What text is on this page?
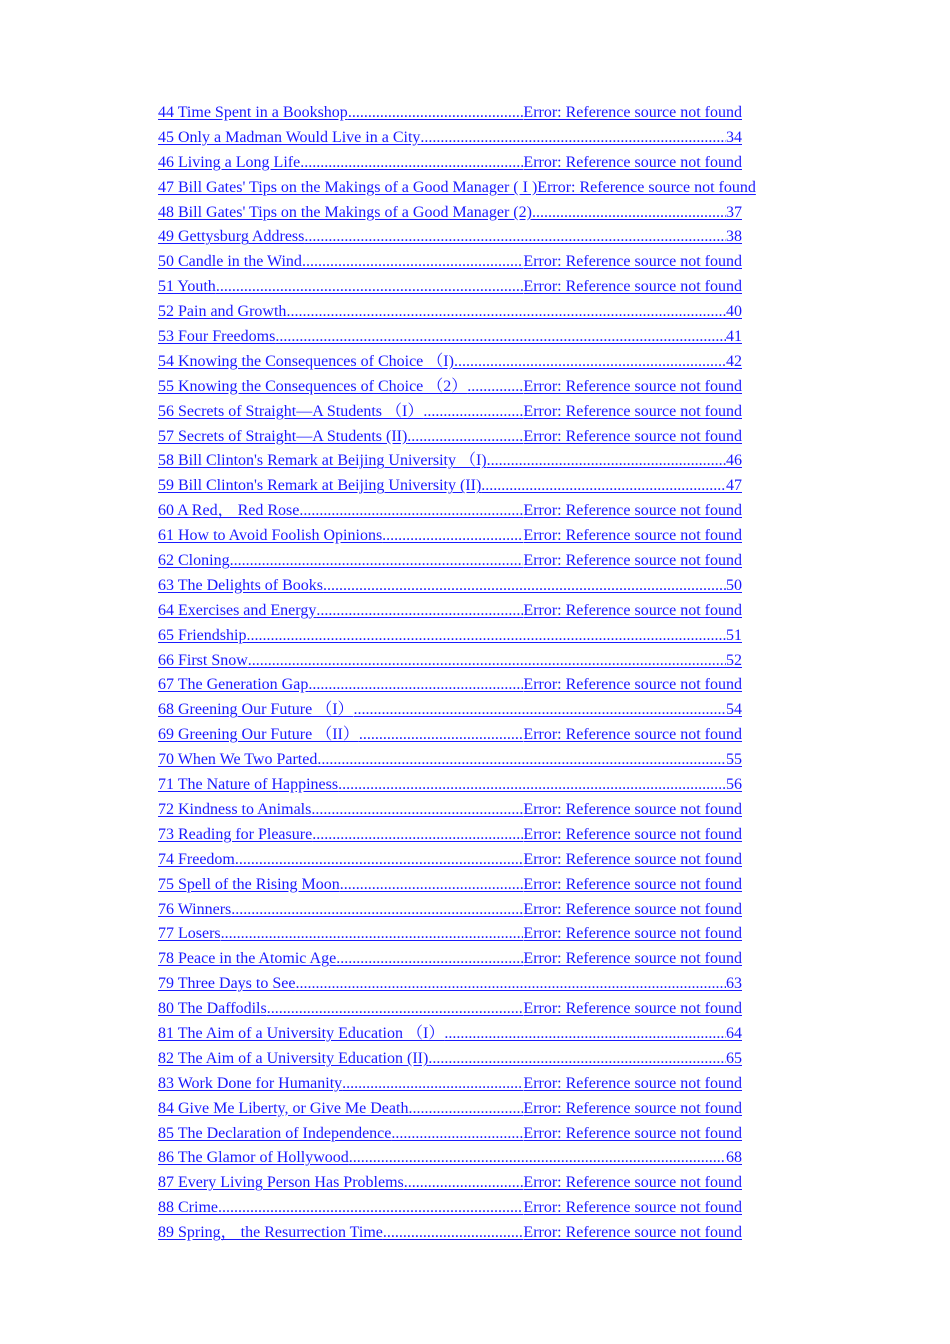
44 Time Spent in a Bookshop .....	Error: Reference source not found
45 Only a Madman Would Live in a City .....	34
46 Living a Long Life .....	Error: Reference source not found
47 Bill Gates' Tips on the Makings of a Good Manager ( I ) Error: Reference source not found
48 Bill Gates' Tips on the Makings of a Good Manager (2) .....	37
49 Gettysburg Address .....	38
50 Candle in the Wind .....	Error: Reference source not found
51 Youth .....	Error: Reference source not found
52 Pain and Growth .....	40
53 Four Freedoms .....	41
54 Knowing the Consequences of Choice （I) .....	42
55 Knowing the Consequences of Choice （2） .....	Error: Reference source not found
56 Secrets of Straight—A Students （I） .....	Error: Reference source not found
57 Secrets of Straight—A Students (II) .....	Error: Reference source not found
58 Bill Clinton's Remark at Beijing University （I) .....	46
59 Bill Clinton's Remark at Beijing University (II) .....	47
60 A Red， Red Rose .....	Error: Reference source not found
61 How to Avoid Foolish Opinions .....	Error: Reference source not found
62 Cloning .....	Error: Reference source not found
63 The Delights of Books .....	50
64 Exercises and Energy .....	Error: Reference source not found
65 Friendship .....	51
66 First Snow .....	52
67 The Generation Gap .....	Error: Reference source not found
68 Greening Our Future （I） .....	54
69 Greening Our Future （II） .....	Error: Reference source not found
70 When We Two Parted .....	55
71 The Nature of Happiness .....	56
72 Kindness to Animals .....	Error: Reference source not found
73 Reading for Pleasure .....	Error: Reference source not found
74 Freedom .....	Error: Reference source not found
75 Spell of the Rising Moon .....	Error: Reference source not found
76 Winners .....	Error: Reference source not found
77 Losers .....	Error: Reference source not found
78 Peace in the Atomic Age .....	Error: Reference source not found
79 Three Days to See .....	63
80 The Daffodils .....	Error: Reference source not found
81 The Aim of a University Education （I） .....	64
82 The Aim of a University Education (II) .....	65
83 Work Done for Humanity .....	Error: Reference source not found
84 Give Me Liberty, or Give Me Death .....	Error: Reference source not found
85 The Declaration of Independence .....	Error: Reference source not found
86 The Glamor of Hollywood .....	68
87 Every Living Person Has Problems .....	Error: Reference source not found
88 Crime .....	Error: Reference source not found
89 Spring， the Resurrection Time .....	Error: Reference source not found
